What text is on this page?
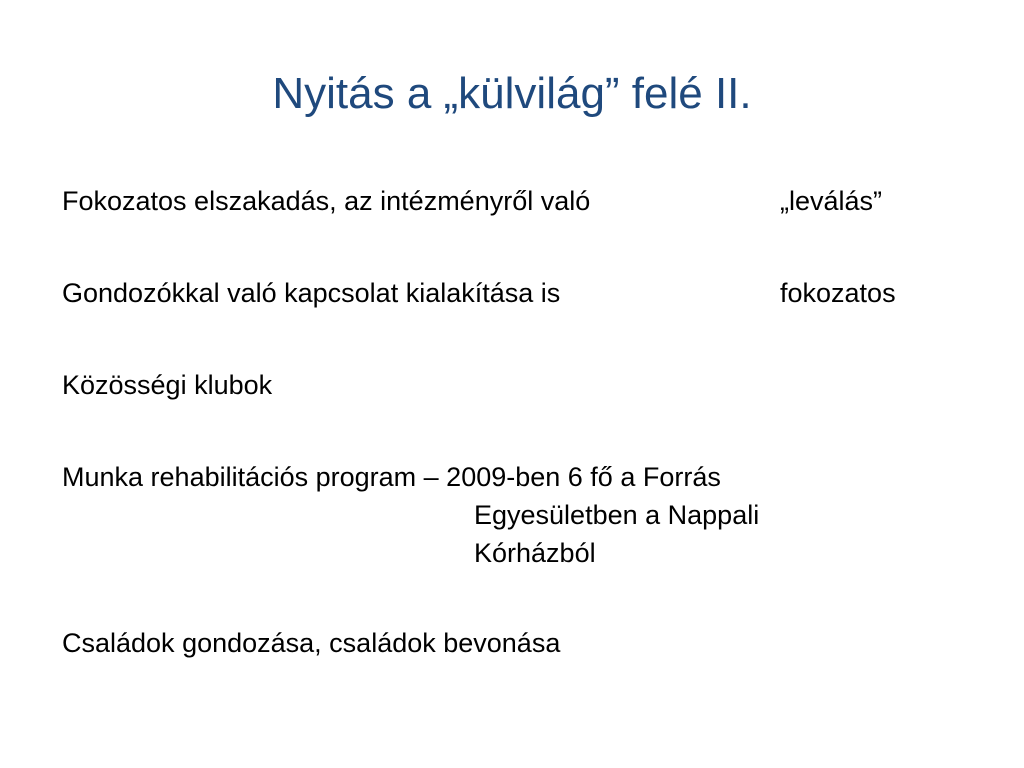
Nyitás a „külvilág” felé II.
Fokozatos elszakadás, az intézményről való	„leválás”
Gondozókkal való kapcsolat kialakítása is	fokozatos
Közösségi klubok
Munka rehabilitációs program – 2009-ben 6 fő a Forrás
Egyesületben a Nappali
Kórházból
Családok gondozása, családok bevonása
